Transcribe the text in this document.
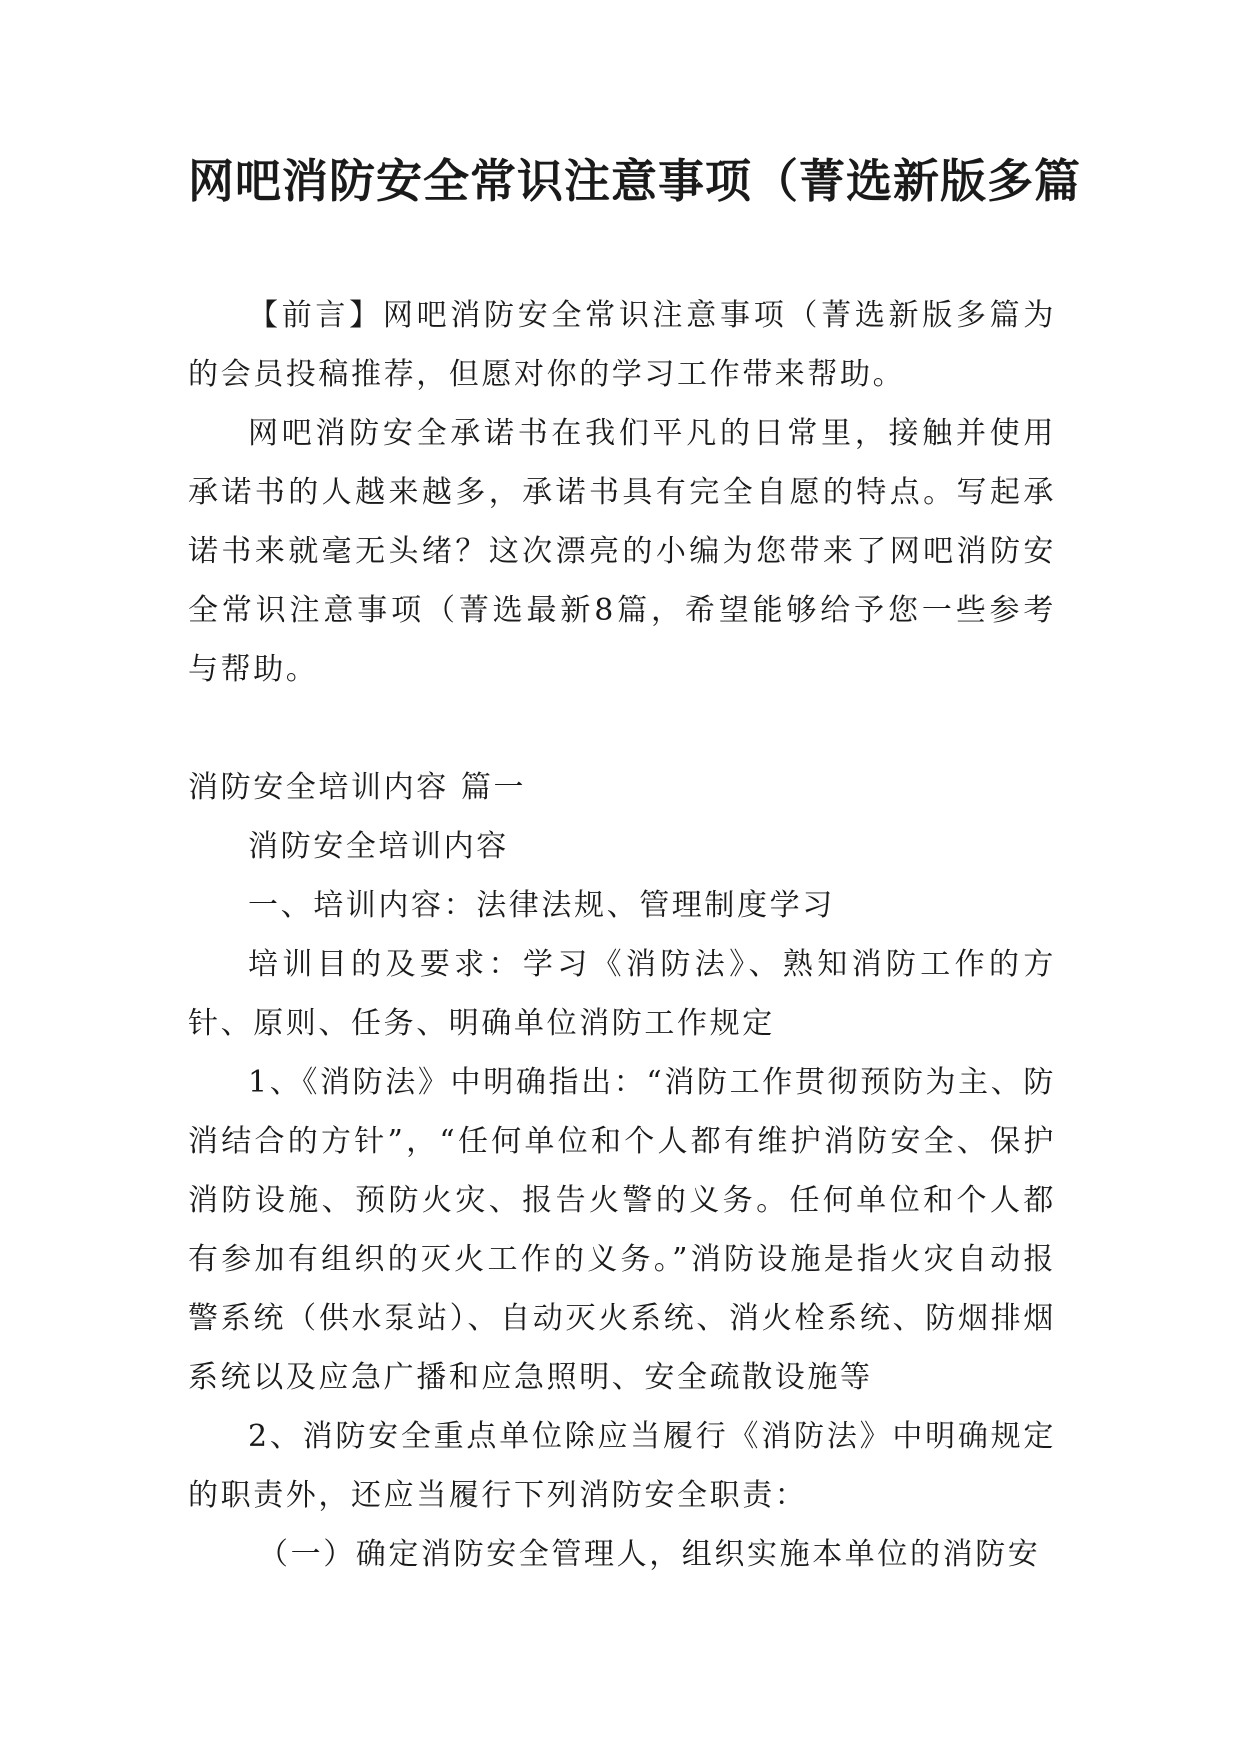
网吧消防安全常识注意事项（菁选新版多篇

【前言】网吧消防安全常识注意事项（菁选新版多篇为的会员投稿推荐，但愿对你的学习工作带来帮助。

网吧消防安全承诺书在我们平凡的日常里，接触并使用承诺书的人越来越多，承诺书具有完全自愿的特点。写起承诺书来就毫无头绪？这次漂亮的小编为您带来了网吧消防安全常识注意事项（菁选最新8篇，希望能够给予您一些参考与帮助。

消防安全培训内容 篇一

消防安全培训内容

一、培训内容：法律法规、管理制度学习

培训目的及要求：学习《消防法》、熟知消防工作的方针、原则、任务、明确单位消防工作规定

1、《消防法》中明确指出：“消防工作贯彻预防为主、防消结合的方针”，“任何单位和个人都有维护消防安全、保护消防设施、预防火灾、报告火警的义务。任何单位和个人都有参加有组织的灭火工作的义务。”消防设施是指火灾自动报警系统（供水泵站）、自动灭火系统、消火栓系统、防烟排烟系统以及应急广播和应急照明、安全疏散设施等

2、消防安全重点单位除应当履行《消防法》中明确规定的职责外，还应当履行下列消防安全职责：

（一）确定消防安全管理人，组织实施本单位的消防安
